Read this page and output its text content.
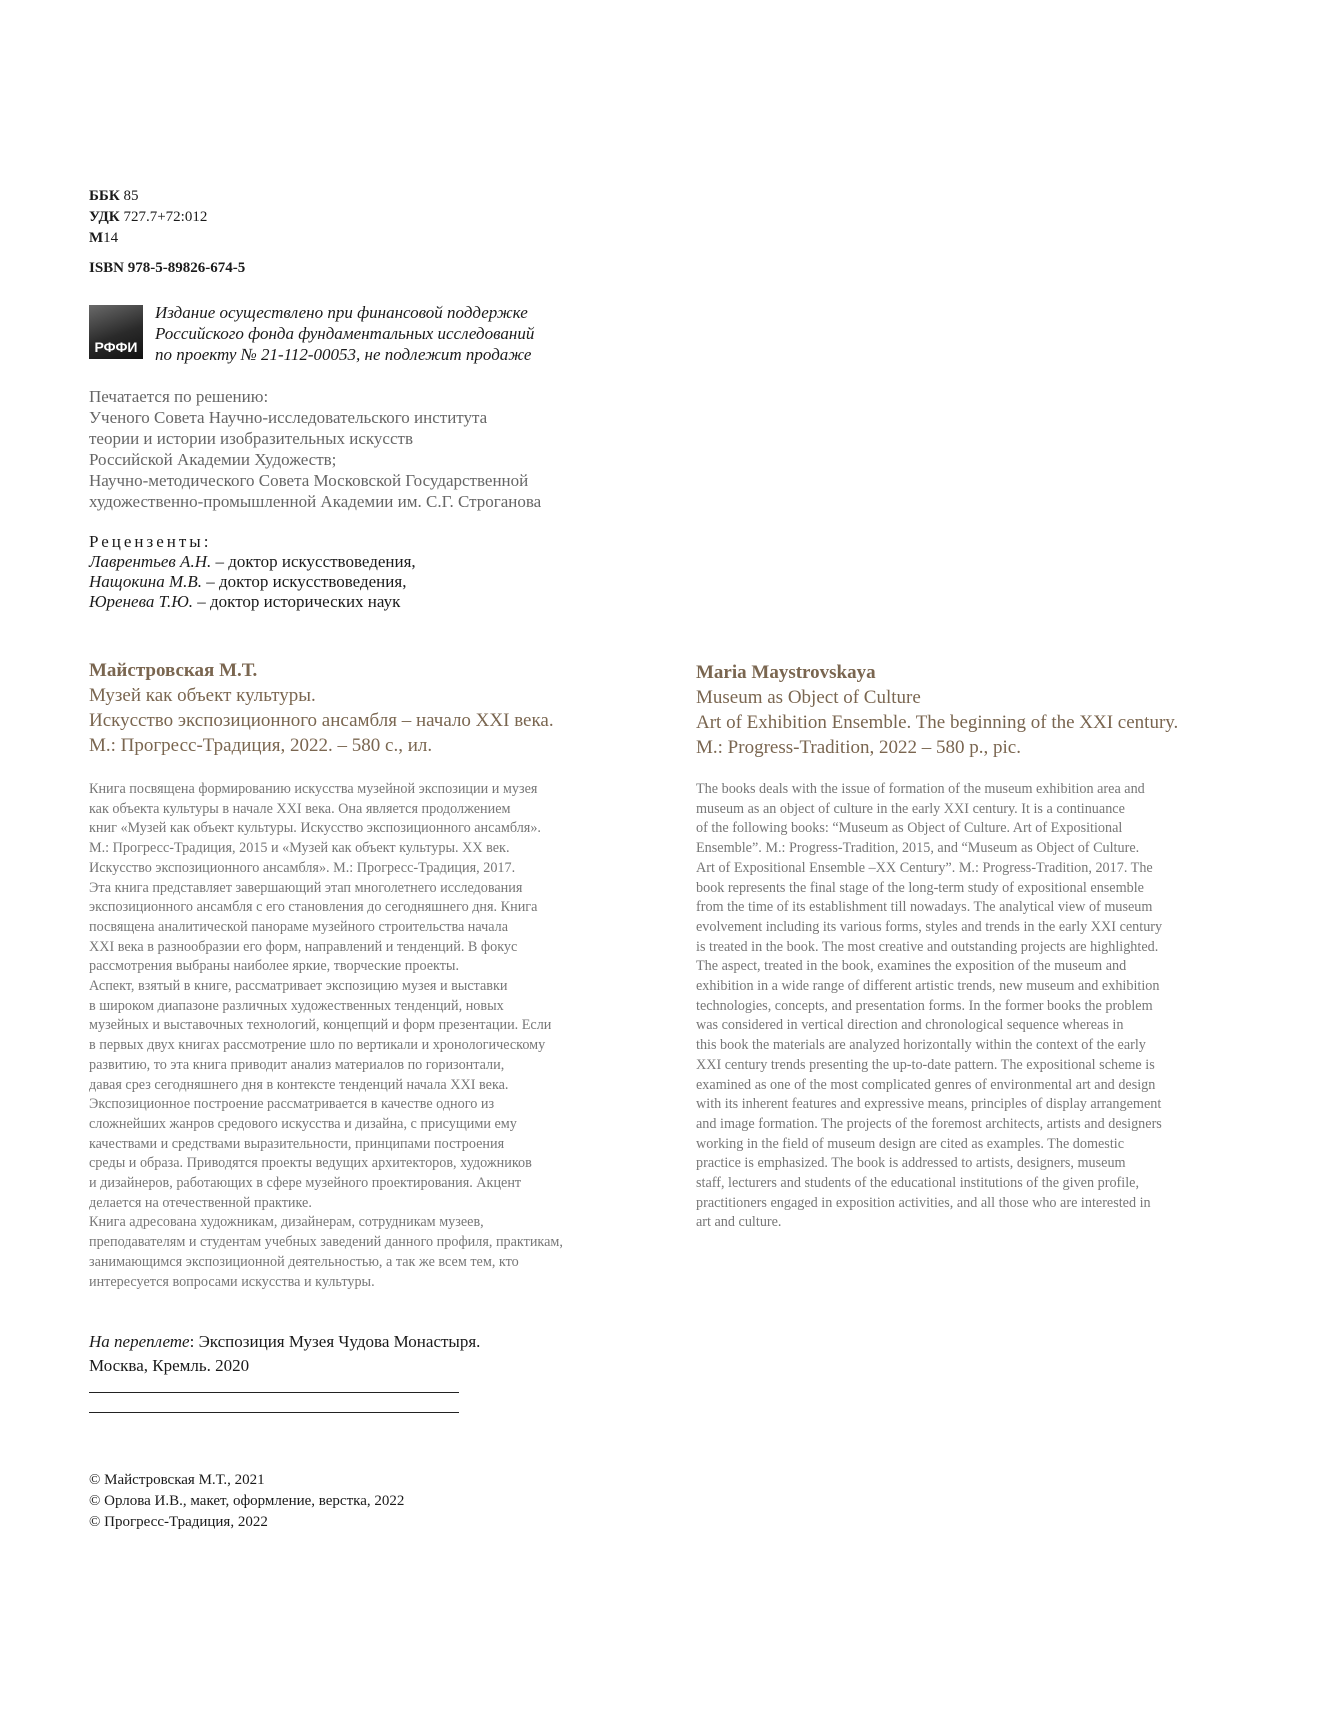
ББК 85
УДК 727.7+72:012
М14
ISBN 978-5-89826-674-5
РФФИ
Издание осуществлено при финансовой поддержке
Российского фонда фундаментальных исследований
по проекту № 21-112-00053, не подлежит продаже
Печатается по решению:
Ученого Совета Научно-исследовательского института
теории и истории изобразительных искусств
Российской Академии Художеств;
Научно-методического Совета Московской Государственной
художественно-промышленной Академии им. С.Г. Строганова
Рецензенты:
Лаврентьев А.Н. – доктор искусствоведения,
Нащокина М.В. – доктор искусствоведения,
Юренева Т.Ю. – доктор исторических наук
Майстровская М.Т.
Музей как объект культуры.
Искусство экспозиционного ансамбля – начало XXI века.
М.: Прогресс-Традиция, 2022. – 580 с., ил.
Maria Maystrovskaya
Museum as Object of Culture
Art of Exhibition Ensemble. The beginning of the XXI century.
M.: Progress-Tradition, 2022 – 580 p., pic.

Книга посвящена формированию искусства музейной экспозиции и музея
как объекта культуры в начале XXI века. Она является продолжением
книг «Музей как объект культуры. Искусство экспозиционного ансамбля».
М.: Прогресс-Традиция, 2015 и «Музей как объект культуры. XX век.
Искусство экспозиционного ансамбля». М.: Прогресс-Традиция, 2017.
Эта книга представляет завершающий этап многолетнего исследования
экспозиционного ансамбля с его становления до сегодняшнего дня. Книга
посвящена аналитической панораме музейного строительства начала
XXI века в разнообразии его форм, направлений и тенденций. В фокус
рассмотрения выбраны наиболее яркие, творческие проекты.
Аспект, взятый в книге, рассматривает экспозицию музея и выставки
в широком диапазоне различных художественных тенденций, новых
музейных и выставочных технологий, концепций и форм презентации. Если
в первых двух книгах рассмотрение шло по вертикали и хронологическому
развитию, то эта книга приводит анализ материалов по горизонтали,
давая срез сегодняшнего дня в контексте тенденций начала XXI века.
Экспозиционное построение рассматривается в качестве одного из
сложнейших жанров средового искусства и дизайна, с присущими ему
качествами и средствами выразительности, принципами построения
среды и образа. Приводятся проекты ведущих архитекторов, художников
и дизайнеров, работающих в сфере музейного проектирования. Акцент
делается на отечественной практике.
Книга адресована художникам, дизайнерам, сотрудникам музеев,
преподавателям и студентам учебных заведений данного профиля, практикам,
занимающимся экспозиционной деятельностью, а так же всем тем, кто
интересуется вопросами искусства и культуры.

The books deals with the issue of formation of the museum exhibition area and
museum as an object of culture in the early XXI century. It is a continuance
of the following books: “Museum as Object of Culture. Art of Expositional
Ensemble”. M.: Progress-Tradition, 2015, and “Museum as Object of Culture.
Art of Expositional Ensemble –XX Century”. M.: Progress-Tradition, 2017. The
book represents the final stage of the long-term study of expositional ensemble
from the time of its establishment till nowadays. The analytical view of museum
evolvement including its various forms, styles and trends in the early XXI century
is treated in the book. The most creative and outstanding projects are highlighted.
The aspect, treated in the book, examines the exposition of the museum and
exhibition in a wide range of different artistic trends, new museum and exhibition
technologies, concepts, and presentation forms. In the former books the problem
was considered in vertical direction and chronological sequence whereas in
this book the materials are analyzed horizontally within the context of the early
XXI century trends presenting the up-to-date pattern. The expositional scheme is
examined as one of the most complicated genres of environmental art and design
with its inherent features and expressive means, principles of display arrangement
and image formation. The projects of the foremost architects, artists and designers
working in the field of museum design are cited as examples. The domestic
practice is emphasized. The book is addressed to artists, designers, museum
staff, lecturers and students of the educational institutions of the given profile,
practitioners engaged in exposition activities, and all those who are interested in
art and culture.

На переплете: Экспозиция Музея Чудова Монастыря.
Москва, Кремль. 2020
© Майстровская М.Т., 2021
© Орлова И.В., макет, оформление, верстка, 2022
© Прогресс-Традиция, 2022
